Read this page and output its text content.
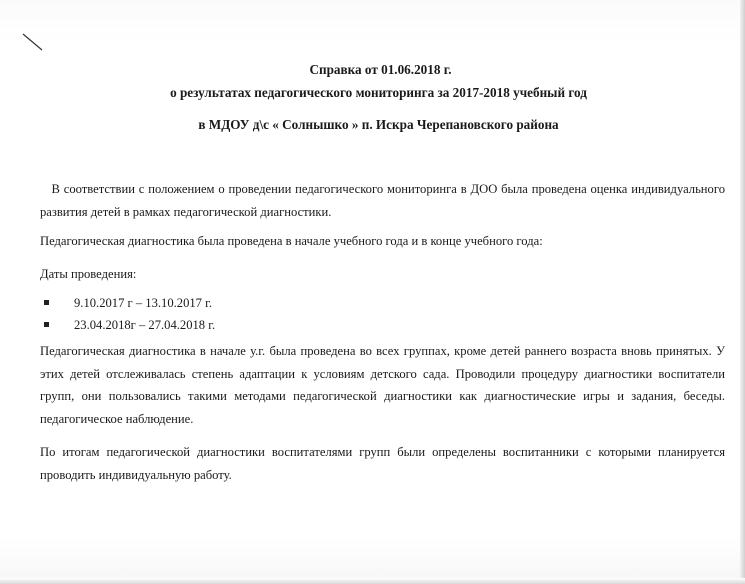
Справка от 01.06.2018 г.
о результатах педагогического мониторинга за 2017-2018 учебный год
в МДОУ д\с « Солнышко » п. Искра Черепановского района

В соответствии с положением о проведении педагогического мониторинга в ДОО была проведена оценка индивидуального развития детей в рамках педагогической диагностики.

Педагогическая диагностика была проведена в начале учебного года и в конце учебного года:

Даты проведения:

9.10.2017 г – 13.10.2017 г.
23.04.2018г – 27.04.2018 г.

Педагогическая диагностика в начале у.г. была проведена во всех группах, кроме детей раннего возраста вновь принятых. У этих детей отслеживалась степень адаптации к условиям детского сада. Проводили процедуру диагностики воспитатели групп, они пользовались такими методами педагогической диагностики как диагностические игры и задания, беседы. педагогическое наблюдение.

По итогам педагогической диагностики воспитателями групп были определены воспитанники с которыми планируется проводить индивидуальную работу.
